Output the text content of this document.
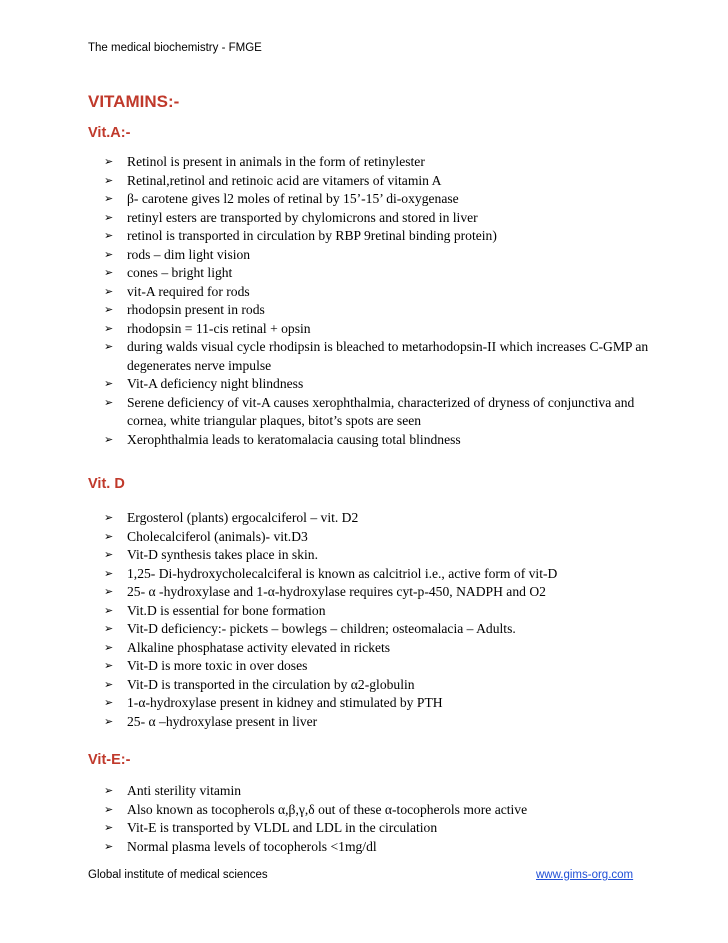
The medical biochemistry - FMGE
VITAMINS:-
Vit.A:-
➢ Retinol is present in animals in the form of retinylester
➢ Retinal,retinol and retinoic acid are vitamers of vitamin A
➢ β- carotene gives l2 moles of retinal by 15’-15’ di-oxygenase
➢ retinyl esters are transported by chylomicrons and stored in liver
➢ retinol is transported in circulation by RBP 9retinal binding protein)
➢ rods – dim light vision
➢ cones – bright light
➢ vit-A required for rods
➢ rhodopsin present in rods
➢ rhodopsin = 11-cis retinal + opsin
➢ during walds visual cycle rhodipsin is bleached to metarhodopsin-II which increases C-GMP an degenerates nerve impulse
➢ Vit-A deficiency night blindness
➢ Serene deficiency of vit-A causes xerophthalmia, characterized of dryness of conjunctiva and cornea, white triangular plaques, bitot’s spots are seen
➢ Xerophthalmia leads to keratomalacia causing total blindness
Vit. D
➢ Ergosterol (plants) ergocalciferol – vit. D2
➢ Cholecalciferol (animals)- vit.D3
➢ Vit-D synthesis takes place in skin.
➢ 1,25- Di-hydroxycholecalciferal is known as calcitriol i.e., active form of vit-D
➢ 25- α -hydroxylase and 1-α-hydroxylase requires cyt-p-450, NADPH and O2
➢ Vit.D is essential for bone formation
➢ Vit-D deficiency:- pickets – bowlegs – children; osteomalacia – Adults.
➢ Alkaline phosphatase activity elevated in rickets
➢ Vit-D is more toxic in over doses
➢ Vit-D is transported in the circulation by α2-globulin
➢ 1-α-hydroxylase present in kidney and stimulated by PTH
➢ 25- α –hydroxylase present in liver
Vit-E:-
➢ Anti sterility vitamin
➢ Also known as tocopherols α,β,γ,δ out of these α-tocopherols more active
➢ Vit-E is transported by VLDL and LDL in the circulation
➢ Normal plasma levels of tocopherols <1mg/dl
Global institute of medical sciences	www.gims-org.com
